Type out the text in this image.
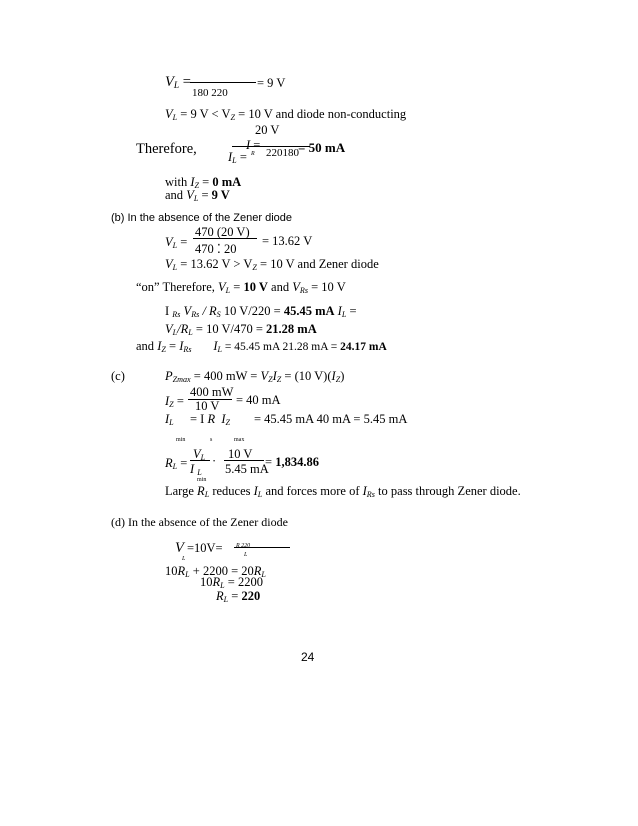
$V_L$ =
180 220
= 9 V
$V_L = 9$ $V < V_Z = 10$ V and diode non-conducting
20 V
Therefore, $I_L$ =
I =
R 220180 = 50 mA
with $I_Z = 0$ mA
and $V_L = 9$ V
(b) In the absence of the Zener diode
$V_L$ =
470 (20 V)
470 ⁚ 20
= 13.62 V
$V_L = 13.62$ $V > V_Z = 10$ V and Zener diode
“on” Therefore, $V_L = 10$ V and $V_{Rs} = 10$ V
I $_{Rs}$ $V_{Rs} / R_S$ 10 V/220 = 45.45 mA $I_L$ =
$V_L/R_L = 10$ V/470 = 21.28 mA
and $I_Z = I_{Rs}$ $I_L = 45.45$ mA 21.28 mA = 24.17 mA
(c)	$P_{Zmax} = 400$ mW = $V_ZI_Z = (10$ $V)(I_Z)$
$I_Z$ =
400 mW
10 V = 40 mA
$I_L = I$ R $I_Z = 45.45$ mA 40 mA = 5.45 mA
min	s	max
$R_L$ =
$V_L$
I $_L$
· 10 V
5.45 mA
= 1,834.86
min
Large $R_L$ reduces $I_L$ and forces more of $I_{Rs}$ to pass through Zener diode.
(d) In the absence of the Zener diode
V =10V=
L
R 220
L
$10R_L + 2200 = 20R_L$
$10R_L = 2200$
$R_L = 220$
24
